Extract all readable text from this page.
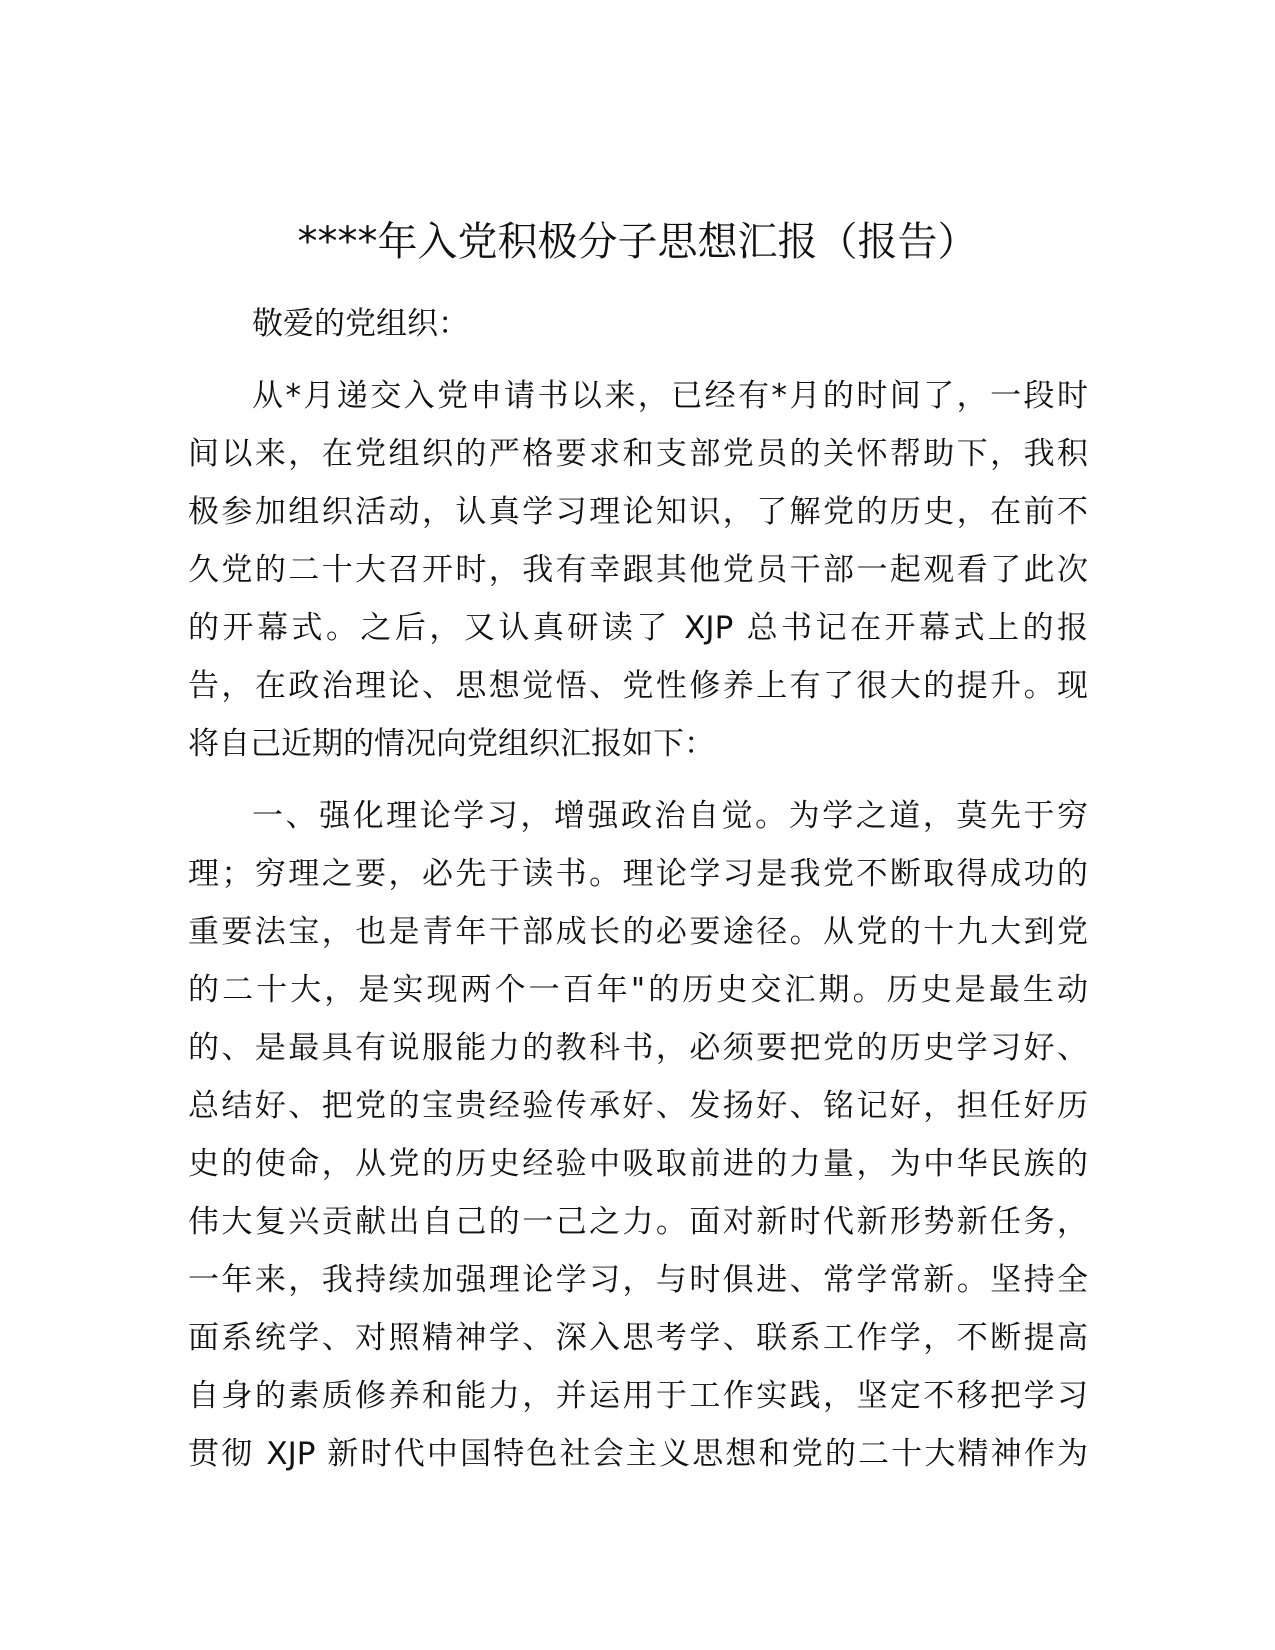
****年入党积极分子思想汇报（报告）
敬爱的党组织：
从*月递交入党申请书以来，已经有*月的时间了，一段时
间以来，在党组织的严格要求和支部党员的关怀帮助下，我积
极参加组织活动，认真学习理论知识，了解党的历史，在前不
久党的二十大召开时，我有幸跟其他党员干部一起观看了此次
的开幕式。之后，又认真研读了 XJP 总书记在开幕式上的报
告，在政治理论、思想觉悟、党性修养上有了很大的提升。现
将自己近期的情况向党组织汇报如下：
一、强化理论学习，增强政治自觉。为学之道，莫先于穷
理；穷理之要，必先于读书。理论学习是我党不断取得成功的
重要法宝，也是青年干部成长的必要途径。从党的十九大到党
的二十大，是实现两个一百年"的历史交汇期。历史是最生动
的、是最具有说服能力的教科书，必须要把党的历史学习好、
总结好、把党的宝贵经验传承好、发扬好、铭记好，担任好历
史的使命，从党的历史经验中吸取前进的力量，为中华民族的
伟大复兴贡献出自己的一己之力。面对新时代新形势新任务，
一年来，我持续加强理论学习，与时俱进、常学常新。坚持全
面系统学、对照精神学、深入思考学、联系工作学，不断提高
自身的素质修养和能力，并运用于工作实践，坚定不移把学习
贯彻 XJP 新时代中国特色社会主义思想和党的二十大精神作为
